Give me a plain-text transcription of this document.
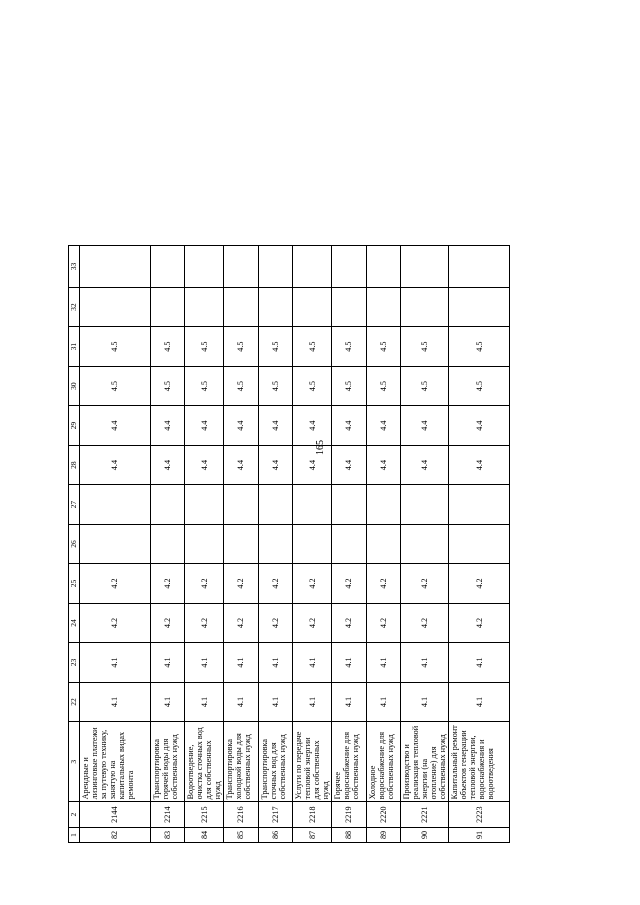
165
1	2	3	22	23	24	25	26	27	28	29	30	31	32	33
82	2144	Арендные и лизинговые платежи за путевую технику, занятую на капитальных видах ремонта	4.1	4.1	4.2	4.2			4.4	4.4	4.5	4.5		
83	2214	Транспортировка горячей воды для собственных нужд	4.1	4.1	4.2	4.2			4.4	4.4	4.5	4.5		
84	2215	Водоотведение, очистка сточных вод для собственных нужд	4.1	4.1	4.2	4.2			4.4	4.4	4.5	4.5		
85	2216	Транспортировка холодной воды для собственных нужд	4.1	4.1	4.2	4.2			4.4	4.4	4.5	4.5		
86	2217	Транспортировка сточных вод для собственных нужд	4.1	4.1	4.2	4.2			4.4	4.4	4.5	4.5		
87	2218	Услуги по передаче тепловой энергии для собственных нужд	4.1	4.1	4.2	4.2			4.4	4.4	4.5	4.5		
88	2219	Горячее водоснабжение для собственных нужд	4.1	4.1	4.2	4.2			4.4	4.4	4.5	4.5		
89	2220	Холодное водоснабжение для собственных нужд	4.1	4.1	4.2	4.2			4.4	4.4	4.5	4.5		
90	2221	Производство и реализация тепловой энергии (на отопление) для собственных нужд	4.1	4.1	4.2	4.2			4.4	4.4	4.5	4.5		
91	2223	Капитальный ремонт объектов генерации тепловой энергии, водоснабжения и водоотведения	4.1	4.1	4.2	4.2			4.4	4.4	4.5	4.5		
